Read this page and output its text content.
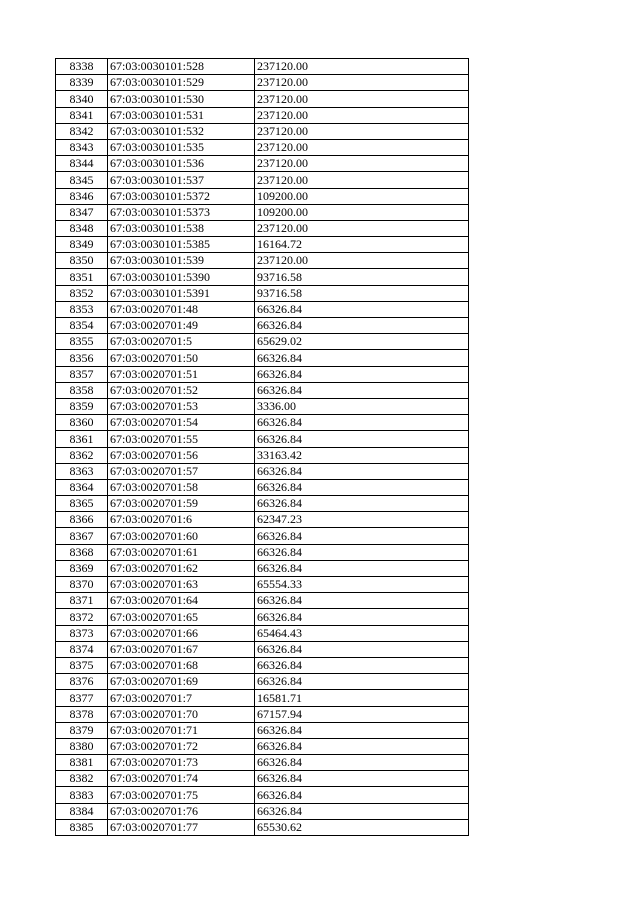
8338	67:03:0030101:528	237120.00
8339	67:03:0030101:529	237120.00
8340	67:03:0030101:530	237120.00
8341	67:03:0030101:531	237120.00
8342	67:03:0030101:532	237120.00
8343	67:03:0030101:535	237120.00
8344	67:03:0030101:536	237120.00
8345	67:03:0030101:537	237120.00
8346	67:03:0030101:5372	109200.00
8347	67:03:0030101:5373	109200.00
8348	67:03:0030101:538	237120.00
8349	67:03:0030101:5385	16164.72
8350	67:03:0030101:539	237120.00
8351	67:03:0030101:5390	93716.58
8352	67:03:0030101:5391	93716.58
8353	67:03:0020701:48	66326.84
8354	67:03:0020701:49	66326.84
8355	67:03:0020701:5	65629.02
8356	67:03:0020701:50	66326.84
8357	67:03:0020701:51	66326.84
8358	67:03:0020701:52	66326.84
8359	67:03:0020701:53	3336.00
8360	67:03:0020701:54	66326.84
8361	67:03:0020701:55	66326.84
8362	67:03:0020701:56	33163.42
8363	67:03:0020701:57	66326.84
8364	67:03:0020701:58	66326.84
8365	67:03:0020701:59	66326.84
8366	67:03:0020701:6	62347.23
8367	67:03:0020701:60	66326.84
8368	67:03:0020701:61	66326.84
8369	67:03:0020701:62	66326.84
8370	67:03:0020701:63	65554.33
8371	67:03:0020701:64	66326.84
8372	67:03:0020701:65	66326.84
8373	67:03:0020701:66	65464.43
8374	67:03:0020701:67	66326.84
8375	67:03:0020701:68	66326.84
8376	67:03:0020701:69	66326.84
8377	67:03:0020701:7	16581.71
8378	67:03:0020701:70	67157.94
8379	67:03:0020701:71	66326.84
8380	67:03:0020701:72	66326.84
8381	67:03:0020701:73	66326.84
8382	67:03:0020701:74	66326.84
8383	67:03:0020701:75	66326.84
8384	67:03:0020701:76	66326.84
8385	67:03:0020701:77	65530.62
